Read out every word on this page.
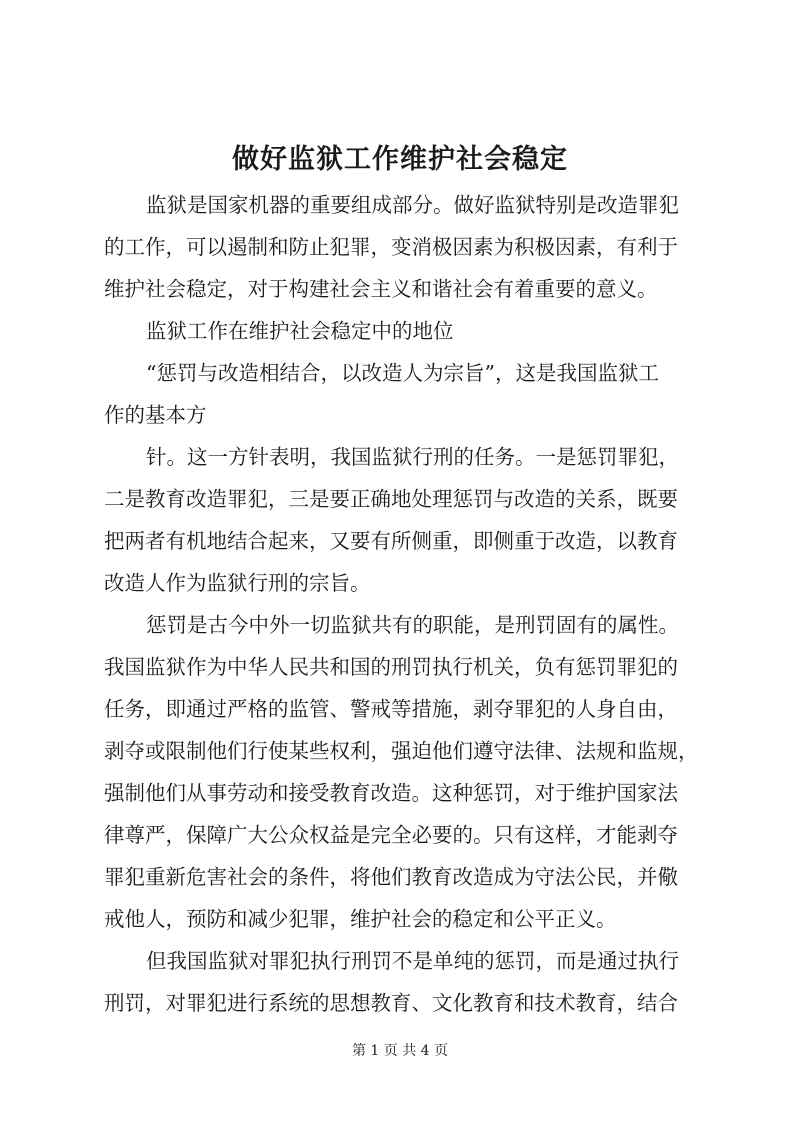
做好监狱工作维护社会稳定

监狱是国家机器的重要组成部分。做好监狱特别是改造罪犯

的工作，可以遏制和防止犯罪，变消极因素为积极因素，有利于

维护社会稳定，对于构建社会主义和谐社会有着重要的意义。

监狱工作在维护社会稳定中的地位

“惩罚与改造相结合，以改造人为宗旨”，这是我国监狱工

作的基本方

针。这一方针表明，我国监狱行刑的任务。一是惩罚罪犯，

二是教育改造罪犯，三是要正确地处理惩罚与改造的关系，既要

把两者有机地结合起来，又要有所侧重，即侧重于改造，以教育

改造人作为监狱行刑的宗旨。

惩罚是古今中外一切监狱共有的职能，是刑罚固有的属性。

我国监狱作为中华人民共和国的刑罚执行机关，负有惩罚罪犯的

任务，即通过严格的监管、警戒等措施，剥夺罪犯的人身自由，

剥夺或限制他们行使某些权利，强迫他们遵守法律、法规和监规，

强制他们从事劳动和接受教育改造。这种惩罚，对于维护国家法

律尊严，保障广大公众权益是完全必要的。只有这样，才能剥夺

罪犯重新危害社会的条件，将他们教育改造成为守法公民，并儆

戒他人，预防和减少犯罪，维护社会的稳定和公平正义。

但我国监狱对罪犯执行刑罚不是单纯的惩罚，而是通过执行

刑罚，对罪犯进行系统的思想教育、文化教育和技术教育，结合

第 1 页 共 4 页
